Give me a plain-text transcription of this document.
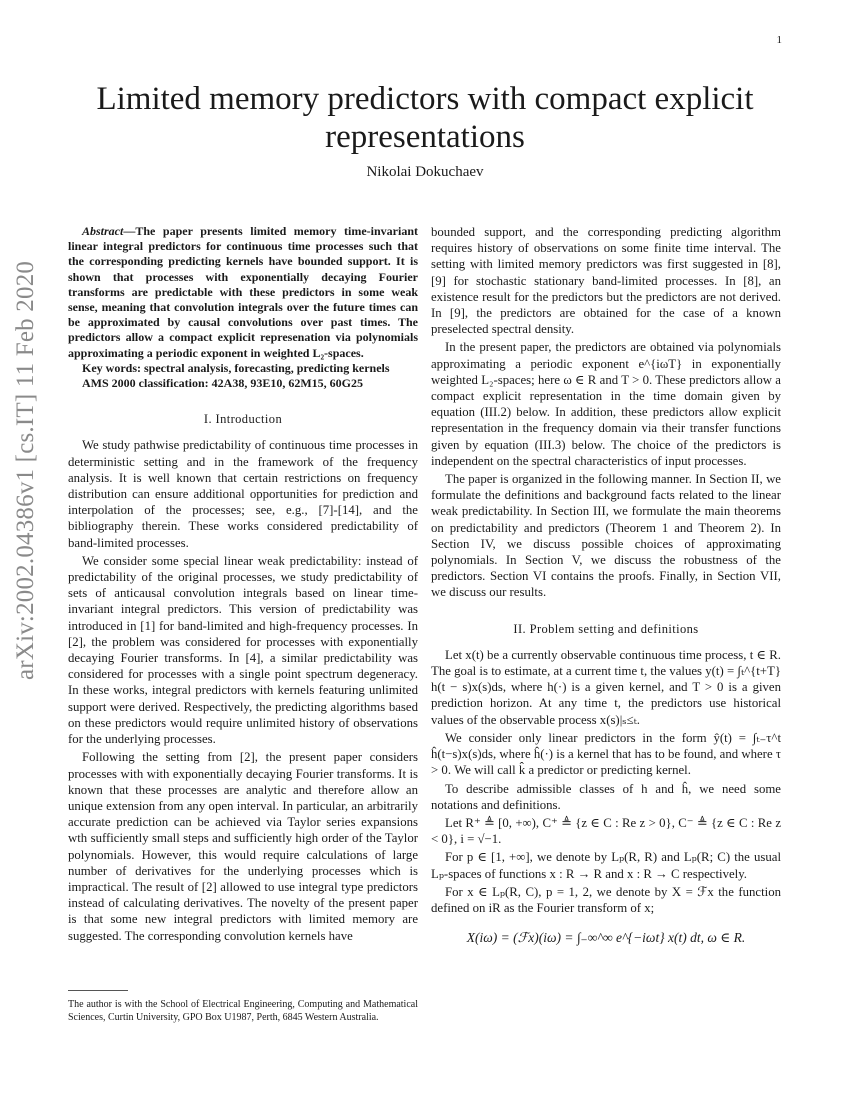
1
arXiv:2002.04386v1 [cs.IT] 11 Feb 2020
Limited memory predictors with compact explicit representations
Nikolai Dokuchaev

Abstract—The paper presents limited memory time-invariant linear integral predictors for continuous time processes such that the corresponding predicting kernels have bounded support. It is shown that processes with exponentially decaying Fourier transforms are predictable with these predictors in some weak sense, meaning that convolution integrals over the future times can be approximated by causal convolutions over past times. The predictors allow a compact explicit represenation via polynomials approximating a periodic exponent in weighted L₂-spaces.

Key words: spectral analysis, forecasting, predicting kernels

AMS 2000 classification: 42A38, 93E10, 62M15, 60G25

I. Introduction

We study pathwise predictability of continuous time processes in deterministic setting and in the framework of the frequency analysis. It is well known that certain restrictions on frequency distribution can ensure additional opportunities for prediction and interpolation of the processes; see, e.g., [7]-[14], and the bibliography therein. These works considered predictability of band-limited processes.

We consider some special linear weak predictability: instead of predictability of the original processes, we study predictability of sets of anticausal convolution integrals based on linear time-invariant integral predictors. This version of predictability was introduced in [1] for band-limited and high-frequency processes. In [2], the problem was considered for processes with exponentially decaying Fourier transforms. In [4], a similar predictability was considered for processes with a single point spectrum degeneracy. In these works, integral predictors with kernels featuring unlimited support were derived. Respectively, the predicting algorithms based on these predictors would require unlimited history of observations for the underlying processes.

Following the setting from [2], the present paper considers processes with with exponentially decaying Fourier transforms. It is known that these processes are analytic and therefore allow an unique extension from any open interval. In particular, an arbitrarily accurate prediction can be achieved via Taylor series expansions wth sufficiently small steps and sufficiently high order of the Taylor polynomials. However, this would require calculations of large number of derivatives for the underlying processes which is impractical. The result of [2] allowed to use integral type predictors instead of calculating derivatives. The novelty of the present paper is that some new integral predictors with limited memory are suggested. The corresponding convolution kernels have

The author is with the School of Electrical Engineering, Computing and Mathematical Sciences, Curtin University, GPO Box U1987, Perth, 6845 Western Australia.

bounded support, and the corresponding predicting algorithm requires history of observations on some finite time interval. The setting with limited memory predictors was first suggested in [8], [9] for stochastic stationary band-limited processes. In [8], an existence result for the predictors but the predictors are not derived. In [9], the predictors are obtained for the case of a known preselected spectral density.

In the present paper, the predictors are obtained via polynomials approximating a periodic exponent e^{iωT} in exponentially weighted L₂-spaces; here ω ∈ R and T > 0. These predictors allow a compact explicit representation in the time domain given by equation (III.2) below. In addition, these predictors allow explicit representation in the frequency domain via their transfer functions given by equation (III.3) below. The choice of the predictors is independent on the spectral characteristics of input processes.

The paper is organized in the following manner. In Section II, we formulate the definitions and background facts related to the linear weak predictability. In Section III, we formulate the main theorems on predictability and predictors (Theorem 1 and Theorem 2). In Section IV, we discuss possible choices of approximating polynomials. In Section V, we discuss the robustness of the predictors. Section VI contains the proofs. Finally, in Section VII, we discuss our results.

II. Problem setting and definitions

Let x(t) be a currently observable continuous time process, t ∈ R. The goal is to estimate, at a current time t, the values y(t) = ∫ₜ^{t+T} h(t − s)x(s)ds, where h(·) is a given kernel, and T > 0 is a given prediction horizon. At any time t, the predictors use historical values of the observable process x(s)|ₛ≤ₜ.

We consider only linear predictors in the form ŷ(t) = ∫ₜ₋τ^t ĥ(t−s)x(s)ds, where ĥ(·) is a kernel that has to be found, and where τ > 0. We will call k̂ a predictor or predicting kernel.

To describe admissible classes of h and ĥ, we need some notations and definitions.

Let R⁺ ≜ [0, +∞), C⁺ ≜ {z ∈ C : Re z > 0}, C⁻ ≜ {z ∈ C : Re z < 0}, i = √−1.

For p ∈ [1, +∞], we denote by Lₚ(R, R) and Lₚ(R; C) the usual Lₚ-spaces of functions x : R → R and x : R → C respectively.

For x ∈ Lₚ(R, C), p = 1, 2, we denote by X = ℱx the function defined on iR as the Fourier transform of x;

X(iω) = (ℱx)(iω) = ∫₋∞^∞ e^{−iωt} x(t) dt, ω ∈ R.
